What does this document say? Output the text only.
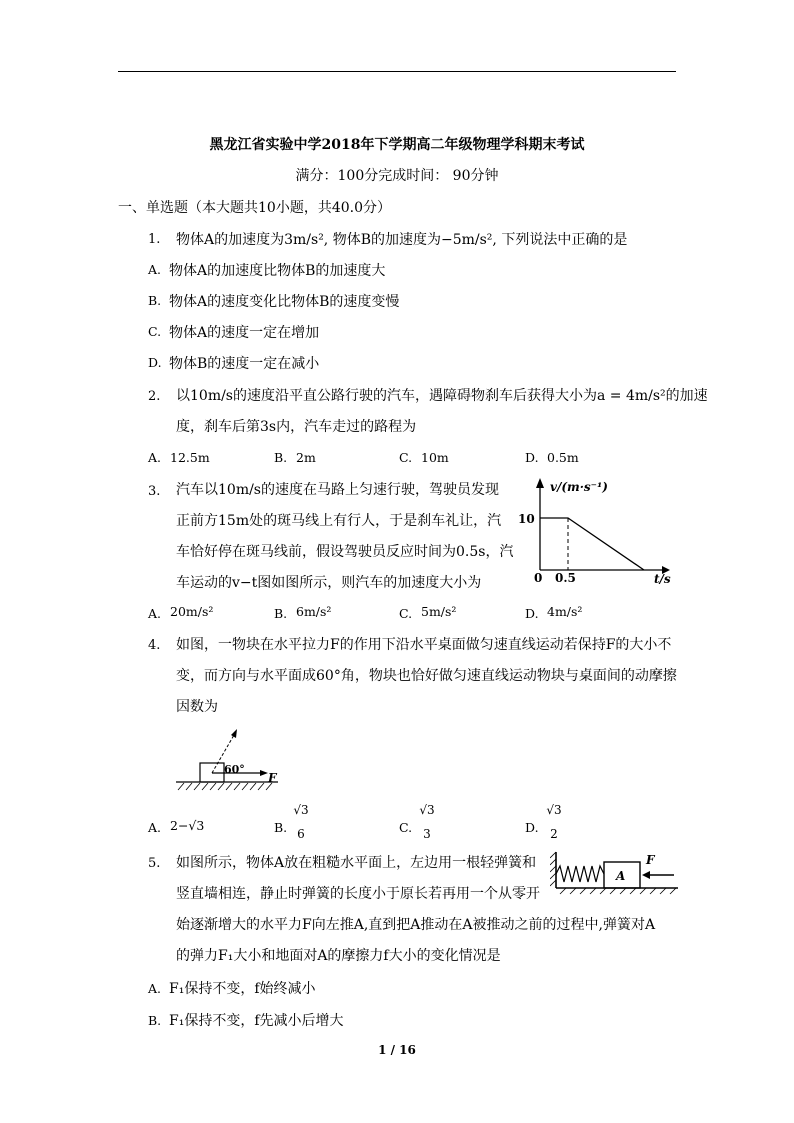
黑龙江省实验中学2018年下学期高二年级物理学科期末考试
满分：100分完成时间： 90分钟
一、单选题（本大题共10小题，共40.0分）
1. 物体A的加速度为3m/s², 物体B的加速度为−5m/s², 下列说法中正确的是
A. 物体A的加速度比物体B的加速度大
B. 物体A的速度变化比物体B的速度变慢
C. 物体A的速度一定在增加
D. 物体B的速度一定在减小
2. 以10m/s的速度沿平直公路行驶的汽车，遇障碍物刹车后获得大小为a = 4m/s²的加速
度，刹车后第3s内，汽车走过的路程为
A. 12.5m	B. 2m	C. 10m	D. 0.5m
3. 汽车以10m/s的速度在马路上匀速行驶，驾驶员发现
正前方15m处的斑马线上有行人，于是刹车礼让，汽
车恰好停在斑马线前，假设驾驶员反应时间为0.5s，汽
车运动的v−t图如图所示，则汽车的加速度大小为
v/(m·s⁻¹)
10
0 0.5	t/s
A. 20m/s²	B. 6m/s²	C. 5m/s²	D. 4m/s²
4. 如图，一物块在水平拉力F的作用下沿水平桌面做匀速直线运动若保持F的大小不
变，而方向与水平面成60°角，物块也恰好做匀速直线运动物块与桌面间的动摩擦
因数为
60°
F
A. 2−√3	B.
√3
6	C.
√3
3	D.
√3
2
5. 如图所示，物体A放在粗糙水平面上，左边用一根轻弹簧和
竖直墙相连，静止时弹簧的长度小于原长若再用一个从零开
始逐渐增大的水平力F向左推A,直到把A推动在A被推动之前的过程中,弹簧对A
的弹力F₁大小和地面对A的摩擦力f大小的变化情况是
A
F
A. F₁保持不变，f始终减小
B. F₁保持不变，f先减小后增大
1 / 16
